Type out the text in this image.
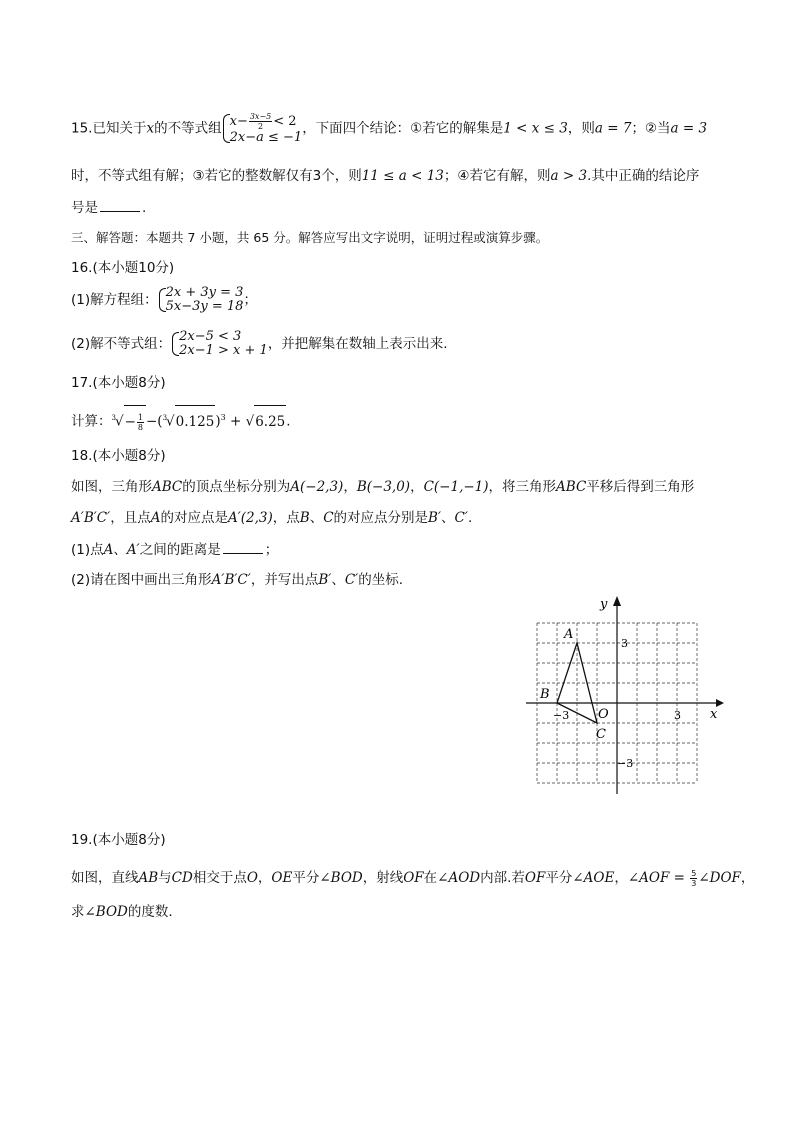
15.已知关于x的不等式组 $x- \frac{3x-5}{2} < 2$
2x−a ≤ −1
，下面四个结论：①若它的解集是1 < x ≤ 3，则a = 7；②当a = 3
时，不等式组有解；③若它的整数解仅有3个，则11 ≤ a < 13；④若它有解，则a > 3.其中正确的结论序
号是	.
三、解答题：本题共 7 小题，共 65 分。解答应写出文字说明，证明过程或演算步骤。
16.(本小题10分)
(1)解方程组： 2x + 3y = 3
5x−3y = 18 ；
(2)解不等式组： 2x−5 < 3
2x−1 > x + 1 ，并把解集在数轴上表示出来.
17.(本小题8分)
计算：$^3√- \frac{1}{8} -(^3√0.125)^3 + √6.25$.
18.(本小题8分)
如图，三角形ABC的顶点坐标分别为A(−2,3)，B(−3,0)，C(−1,−1)，将三角形ABC平移后得到三角形
A′B′C′，且点A的对应点是A′(2,3)，点B、C的对应点分别是B′、C′.
(1)点A、A′之间的距离是	；
(2)请在图中画出三角形A′B′C′，并写出点B′、C′的坐标.
x
y
O
A
B
C
−3	3
3
−3
19.(本小题8分)
如图，直线AB与CD相交于点O，OE平分∠BOD，射线OF在∠AOD内部.若OF平分∠AOE，∠AOF = $\frac{5}{3}$ ∠DOF，
求∠BOD的度数.
